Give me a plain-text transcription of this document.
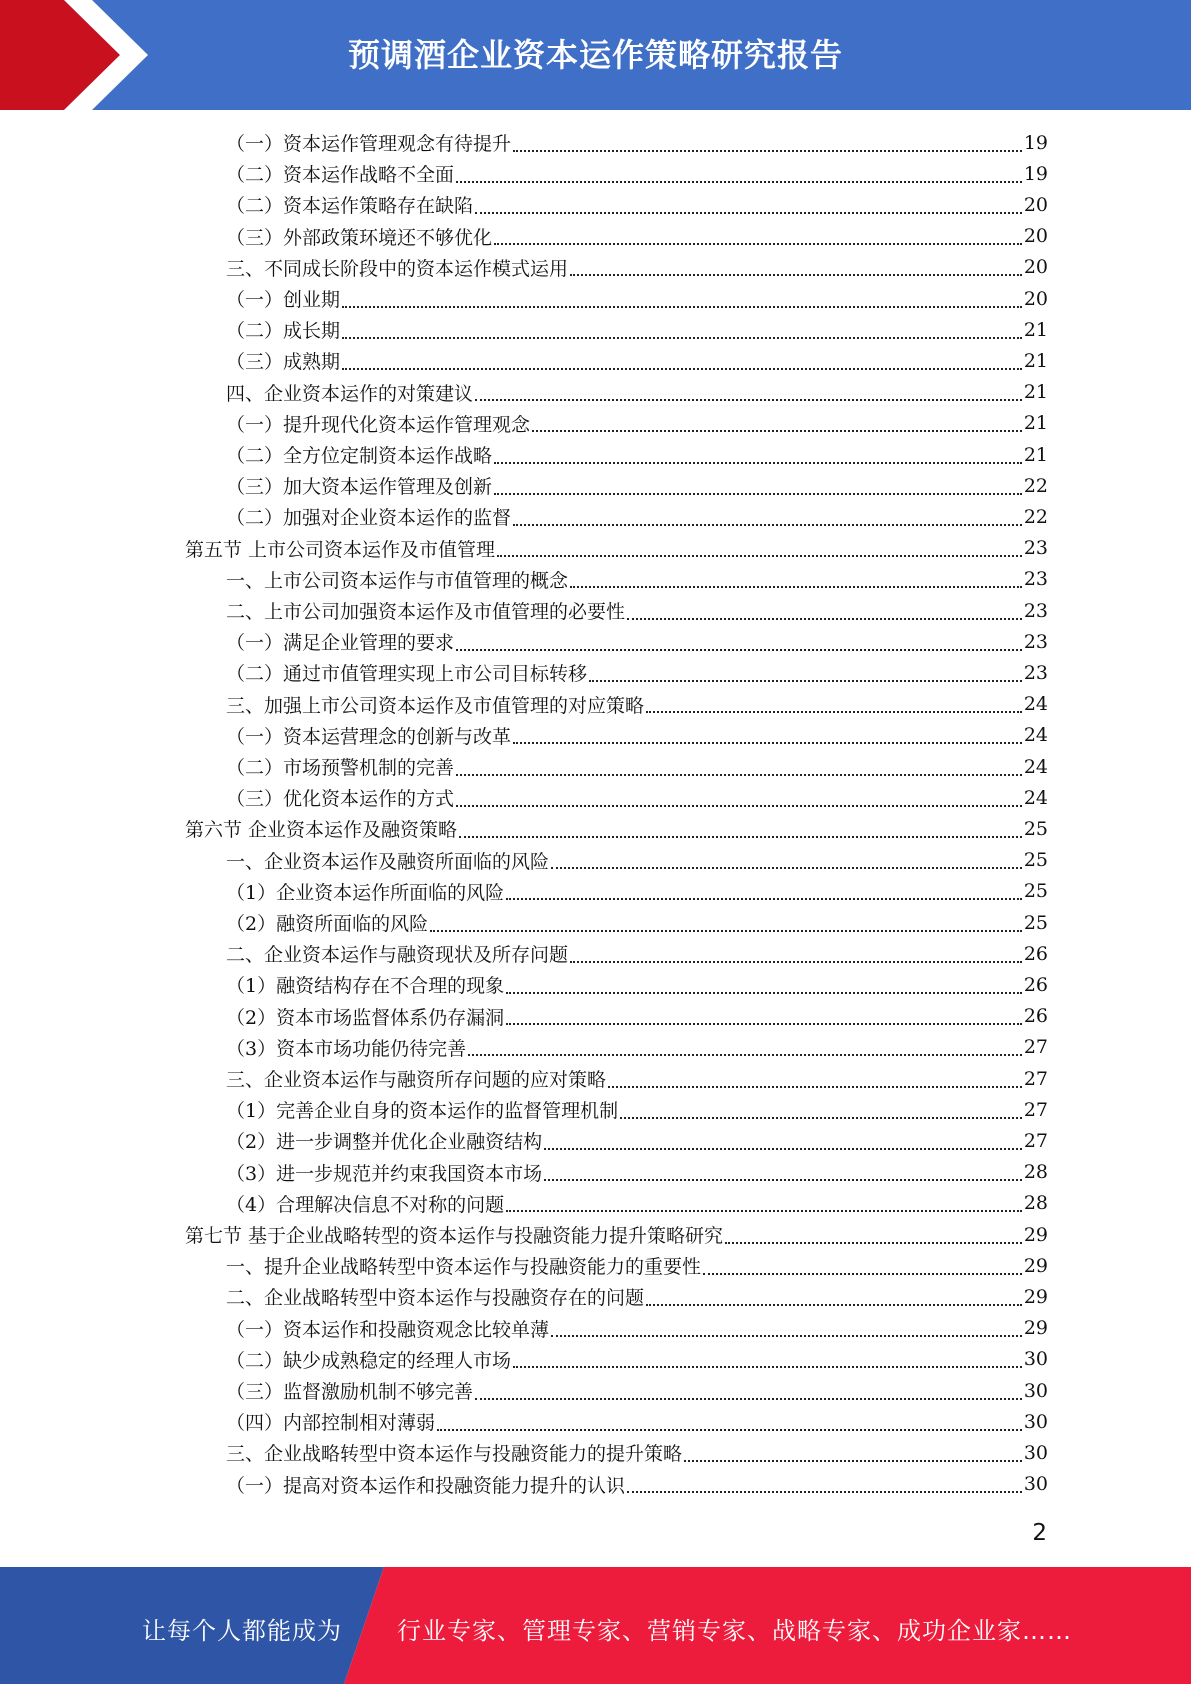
预调酒企业资本运作策略研究报告
（一）资本运作管理观念有待提升	19
（二）资本运作战略不全面	19
（二）资本运作策略存在缺陷	20
（三）外部政策环境还不够优化	20
三、不同成长阶段中的资本运作模式运用	20
（一）创业期	20
（二）成长期	21
（三）成熟期	21
四、企业资本运作的对策建议	21
（一）提升现代化资本运作管理观念	21
（二）全方位定制资本运作战略	21
（三）加大资本运作管理及创新	22
（二）加强对企业资本运作的监督	22
第五节 上市公司资本运作及市值管理	23
一、上市公司资本运作与市值管理的概念	23
二、上市公司加强资本运作及市值管理的必要性	23
（一）满足企业管理的要求	23
（二）通过市值管理实现上市公司目标转移	23
三、加强上市公司资本运作及市值管理的对应策略	24
（一）资本运营理念的创新与改革	24
（二）市场预警机制的完善	24
（三）优化资本运作的方式	24
第六节 企业资本运作及融资策略	25
一、企业资本运作及融资所面临的风险	25
（1）企业资本运作所面临的风险	25
（2）融资所面临的风险	25
二、企业资本运作与融资现状及所存问题	26
（1）融资结构存在不合理的现象	26
（2）资本市场监督体系仍存漏洞	26
（3）资本市场功能仍待完善	27
三、企业资本运作与融资所存问题的应对策略	27
（1）完善企业自身的资本运作的监督管理机制	27
（2）进一步调整并优化企业融资结构	27
（3）进一步规范并约束我国资本市场	28
（4）合理解决信息不对称的问题	28
第七节 基于企业战略转型的资本运作与投融资能力提升策略研究	29
一、提升企业战略转型中资本运作与投融资能力的重要性	29
二、企业战略转型中资本运作与投融资存在的问题	29
（一）资本运作和投融资观念比较单薄	29
（二）缺少成熟稳定的经理人市场	30
（三）监督激励机制不够完善	30
（四）内部控制相对薄弱	30
三、企业战略转型中资本运作与投融资能力的提升策略	30
（一）提高对资本运作和投融资能力提升的认识	30
2
让每个人都能成为 行业专家、管理专家、营销专家、战略专家、成功企业家……
